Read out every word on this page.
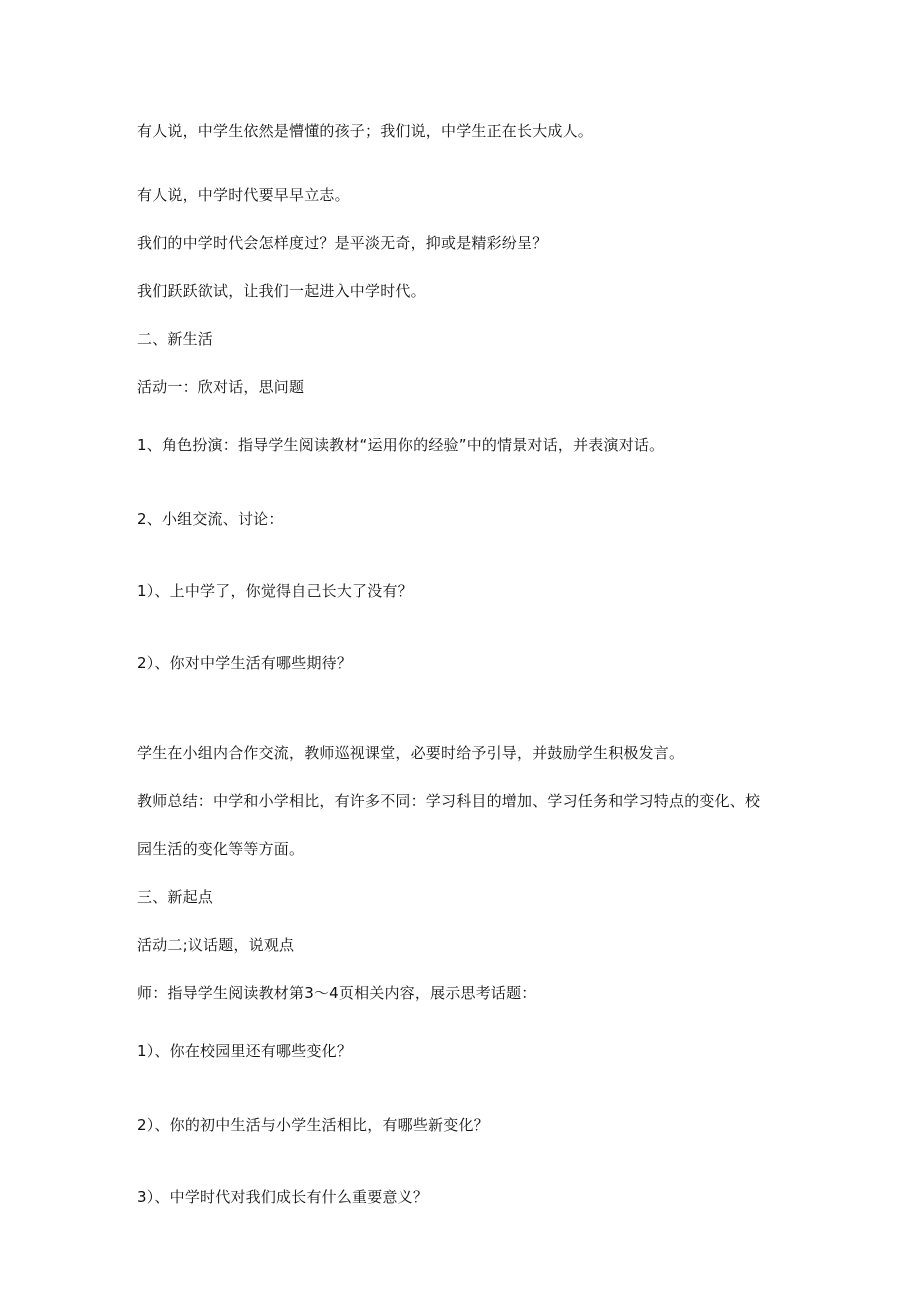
有人说，中学生依然是懵懂的孩子；我们说，中学生正在长大成人。

有人说，中学时代要早早立志。

我们的中学时代会怎样度过？是平淡无奇，抑或是精彩纷呈？

我们跃跃欲试，让我们一起进入中学时代。

二、新生活

活动一：欣对话，思问题

1、角色扮演：指导学生阅读教材“运用你的经验”中的情景对话，并表演对话。

2、小组交流、讨论：

1）、上中学了，你觉得自己长大了没有？

2）、你对中学生活有哪些期待？

学生在小组内合作交流，教师巡视课堂，必要时给予引导，并鼓励学生积极发言。

教师总结：中学和小学相比，有许多不同：学习科目的增加、学习任务和学习特点的变化、校

园生活的变化等等方面。

三、新起点

活动二;议话题，说观点

师：指导学生阅读教材第3～4页相关内容，展示思考话题：

1）、你在校园里还有哪些变化？

2）、你的初中生活与小学生活相比，有哪些新变化？

3）、中学时代对我们成长有什么重要意义？
